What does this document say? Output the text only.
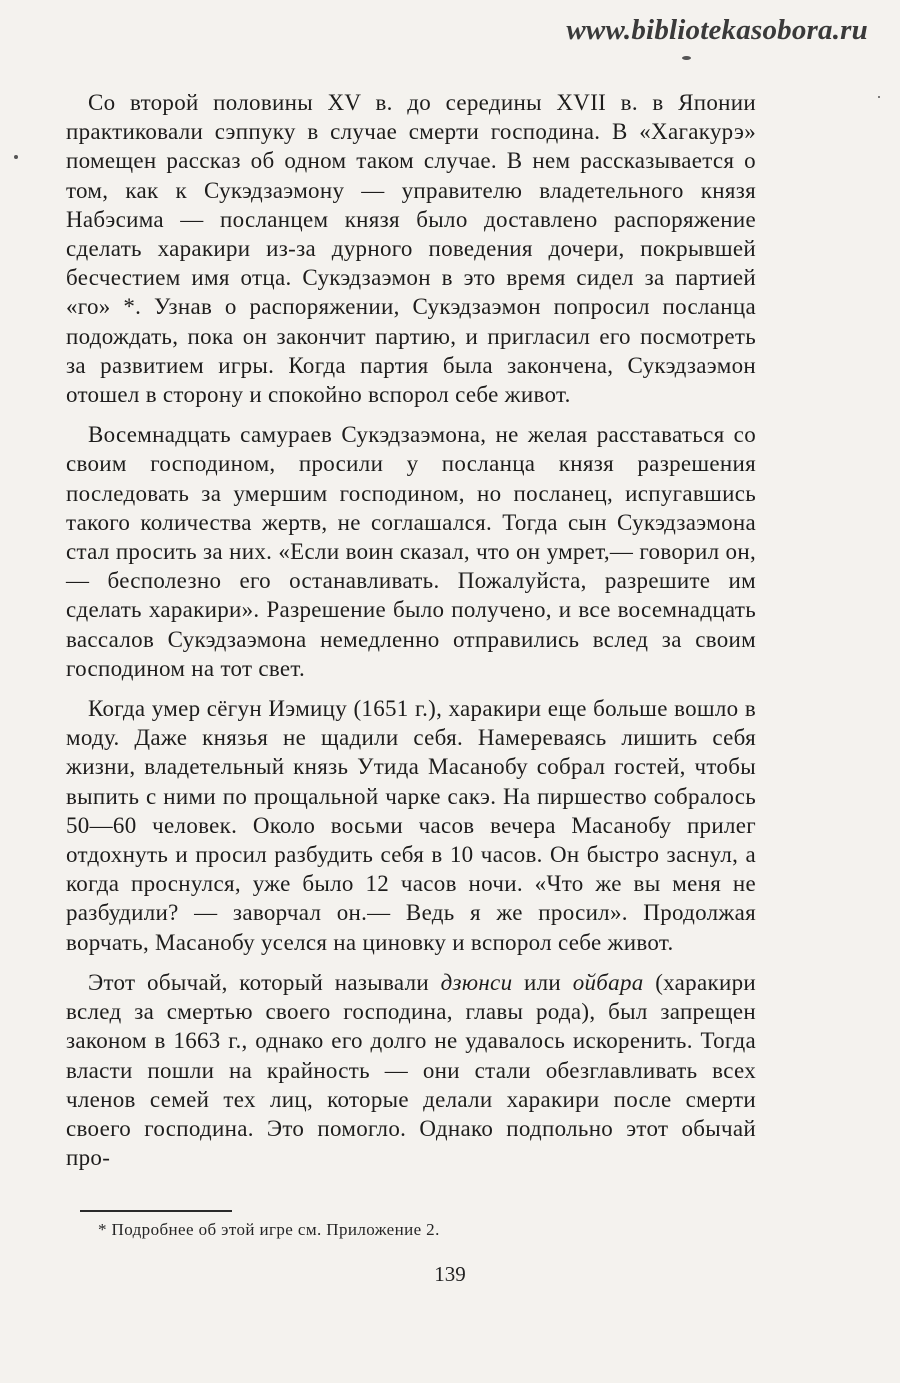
www.bibliotekasobora.ru

Со второй половины XV в. до середины XVII в. в Японии практиковали сэппуку в случае смерти господина. В «Хагакурэ» помещен рассказ об одном таком случае. В нем рассказывается о том, как к Сукэдзаэмону — управителю владетельного князя Набэсима — посланцем князя было доставлено распоряжение сделать харакири из-за дурного поведения дочери, покрывшей бесчестием имя отца. Сукэдзаэмон в это время сидел за партией «го» *. Узнав о распоряжении, Сукэдзаэмон попросил посланца подождать, пока он закончит партию, и пригласил его посмотреть за развитием игры. Когда партия была закончена, Сукэдзаэмон отошел в сторону и спокойно вспорол себе живот.

Восемнадцать самураев Сукэдзаэмона, не желая расставаться со своим господином, просили у посланца князя разрешения последовать за умершим господином, но посланец, испугавшись такого количества жертв, не соглашался. Тогда сын Сукэдзаэмона стал просить за них. «Если воин сказал, что он умрет,— говорил он,— бесполезно его останавливать. Пожалуйста, разрешите им сделать харакири». Разрешение было получено, и все восемнадцать вассалов Сукэдзаэмона немедленно отправились вслед за своим господином на тот свет.

Когда умер сёгун Иэмицу (1651 г.), харакири еще больше вошло в моду. Даже князья не щадили себя. Намереваясь лишить себя жизни, владетельный князь Утида Масанобу собрал гостей, чтобы выпить с ними по прощальной чарке сакэ. На пиршество собралось 50—60 человек. Около восьми часов вечера Масанобу прилег отдохнуть и просил разбудить себя в 10 часов. Он быстро заснул, а когда проснулся, уже было 12 часов ночи. «Что же вы меня не разбудили? — заворчал он.— Ведь я же просил». Продолжая ворчать, Масанобу уселся на циновку и вспорол себе живот.

Этот обычай, который называли дзюнси или ойбара (харакири вслед за смертью своего господина, главы рода), был запрещен законом в 1663 г., однако его долго не удавалось искоренить. Тогда власти пошли на крайность — они стали обезглавливать всех членов семей тех лиц, которые делали харакири после смерти своего господина. Это помогло. Однако подпольно этот обычай про-

* Подробнее об этой игре см. Приложение 2.
139
